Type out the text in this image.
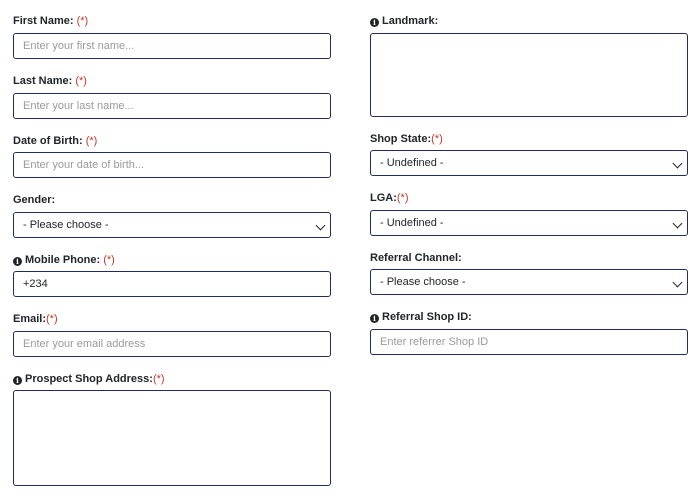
First Name: (*)
Enter your first name...
Last Name: (*)
Enter your last name...
Date of Birth: (*)
Enter your date of birth...
Gender:
- Please choose -
i Mobile Phone: (*)
+234
Email:(*)
Enter your email address
i Prospect Shop Address:(*)
i Landmark:
Shop State:(*)
- Undefined -
LGA:(*)
- Undefined -
Referral Channel:
- Please choose -
i Referral Shop ID:
Enter referrer Shop ID
